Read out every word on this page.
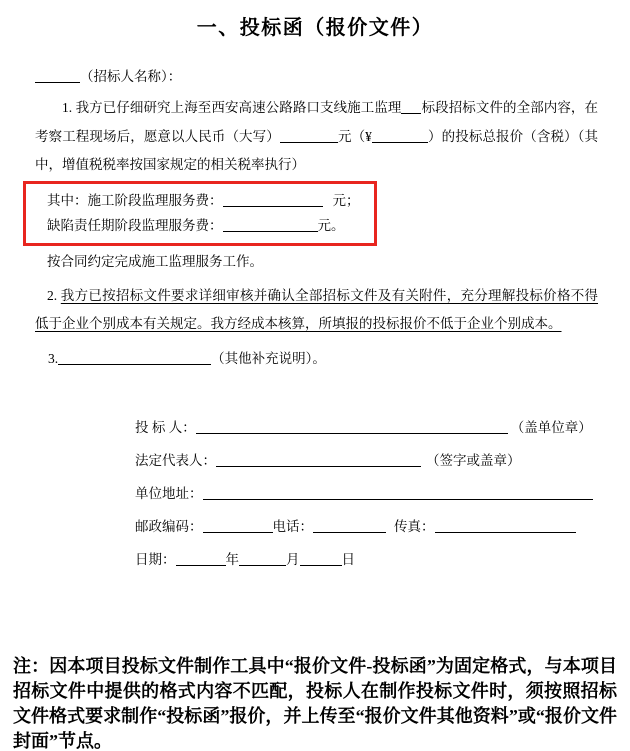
一、投标函（报价文件）

（招标人名称）：

1. 我方已仔细研究上海至西安高速公路路口支线施工监理 标段招标文件的全部内容，在考察工程现场后，愿意以人民币（大写）	元（¥	）的投标总报价（含税）（其中，增值税税率按国家规定的相关税率执行）

其中：施工阶段监理服务费：	元；
缺陷责任期阶段监理服务费：	元。

按合同约定完成施工监理服务工作。

2. 我方已按招标文件要求详细审核并确认全部招标文件及有关附件，充分理解投标价格不得低于企业个别成本有关规定。我方经成本核算，所填报的投标报价不低于企业个别成本。

3.	（其他补充说明）。

投 标 人：	（盖单位章）
法定代表人：	（签字或盖章）
单位地址：
邮政编码：	电话：	传真：
日期：	年	月	日

注：因本项目投标文件制作工具中“报价文件-投标函”为固定格式，与本项目招标文件中提供的格式内容不匹配，投标人在制作投标文件时，须按照招标文件格式要求制作“投标函”报价，并上传至“报价文件其他资料”或“报价文件封面”节点。
